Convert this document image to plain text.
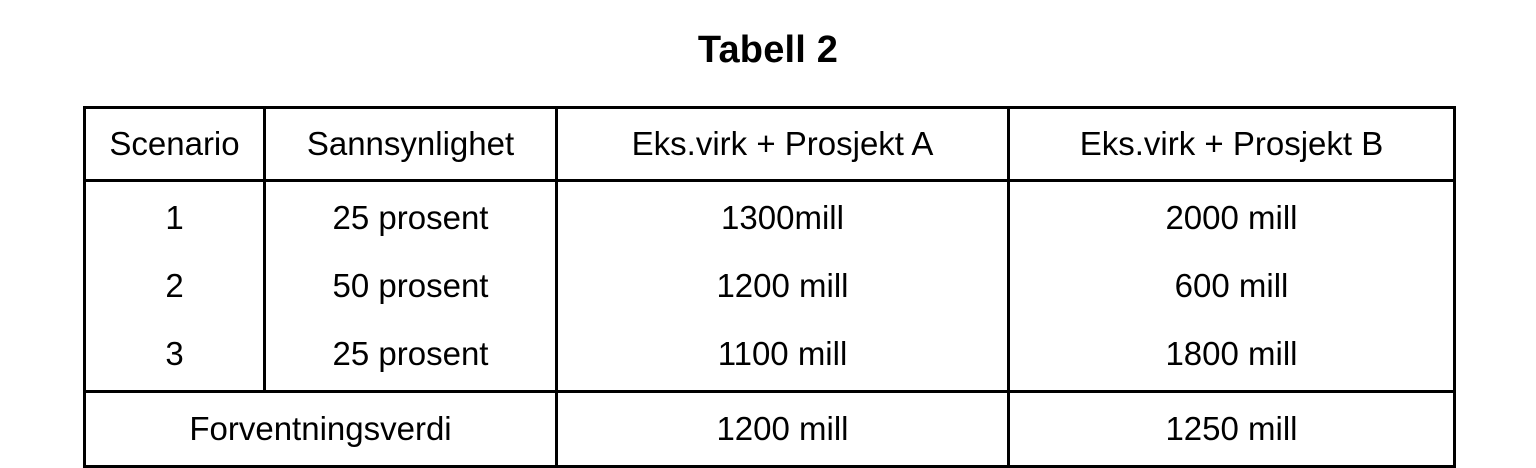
Tabell 2
Scenario	Sannsynlighet	Eks.virk + Prosjekt A	Eks.virk + Prosjekt B
1	25 prosent	1300mill	2000 mill
2	50 prosent	1200 mill	600 mill
3	25 prosent	1100 mill	1800 mill
Forventningsverdi		1200 mill	1250 mill
